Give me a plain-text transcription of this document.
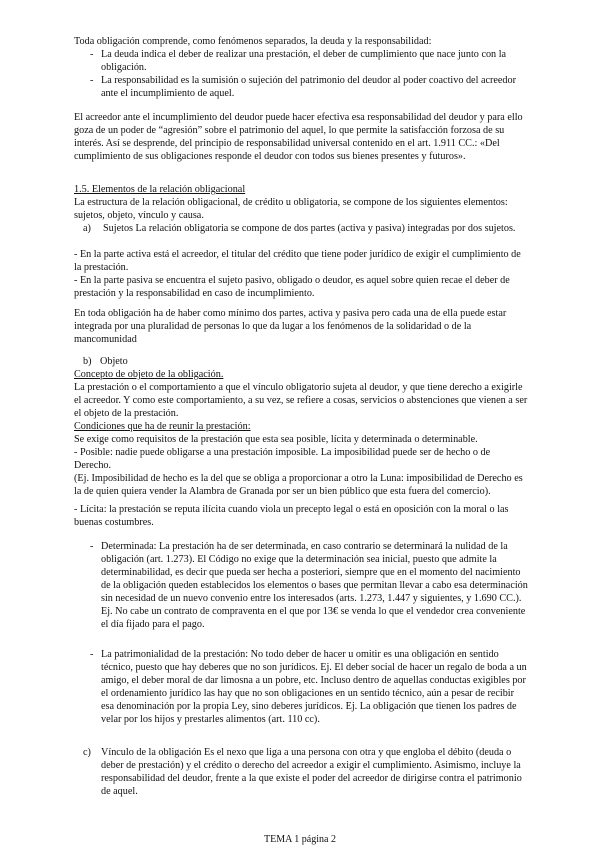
Toda obligación comprende, como fenómenos separados, la deuda y la responsabilidad:

- La deuda indica el deber de realizar una prestación, el deber de cumplimiento que nace junto con la obligación.

- La responsabilidad es la sumisión o sujeción del patrimonio del deudor al poder coactivo del acreedor ante el incumplimiento de aquel.

El acreedor ante el incumplimiento del deudor puede hacer efectiva esa responsabilidad del deudor y para ello goza de un poder de “agresión” sobre el patrimonio del aquel, lo que permite la satisfacción forzosa de su interés. Así se desprende, del principio de responsabilidad universal contenido en el art. 1.911 CC.: «Del cumplimiento de sus obligaciones responde el deudor con todos sus bienes presentes y futuros».

1.5. Elementos de la relación obligacional

La estructura de la relación obligacional, de crédito u obligatoria, se compone de los siguientes elementos: sujetos, objeto, vínculo y causa.

a) Sujetos La relación obligatoria se compone de dos partes (activa y pasiva) integradas por dos sujetos.

- En la parte activa está el acreedor, el titular del crédito que tiene poder jurídico de exigir el cumplimiento de la prestación.

- En la parte pasiva se encuentra el sujeto pasivo, obligado o deudor, es aquel sobre quien recae el deber de prestación y la responsabilidad en caso de incumplimiento.

En toda obligación ha de haber como mínimo dos partes, activa y pasiva pero cada una de ella puede estar integrada por una pluralidad de personas lo que da lugar a los fenómenos de la solidaridad o de la mancomunidad

b) Objeto

Concepto de objeto de la obligación.

La prestación o el comportamiento a que el vínculo obligatorio sujeta al deudor, y que tiene derecho a exigirle el acreedor. Y como este comportamiento, a su vez, se refiere a cosas, servicios o abstenciones que vienen a ser el objeto de la prestación.

Condiciones que ha de reunir la prestación:

Se exige como requisitos de la prestación que esta sea posible, lícita y determinada o determinable.

- Posible: nadie puede obligarse a una prestación imposible. La imposibilidad puede ser de hecho o de Derecho.

(Ej. Imposibilidad de hecho es la del que se obliga a proporcionar a otro la Luna: imposibilidad de Derecho es la de quien quiera vender la Alambra de Granada por ser un bien público que esta fuera del comercio).

- Lícita: la prestación se reputa ilícita cuando viola un precepto legal o está en oposición con la moral o las buenas costumbres.

- Determinada: La prestación ha de ser determinada, en caso contrario se determinará la nulidad de la obligación (art. 1.273). El Código no exige que la determinación sea inicial, puesto que admite la determinabilidad, es decir que pueda ser hecha a posteriori, siempre que en el momento del nacimiento de la obligación queden establecidos los elementos o bases que permitan llevar a cabo esa determinación sin necesidad de un nuevo convenio entre los interesados (arts. 1.273, 1.447 y siguientes, y 1.690 CC.). Ej. No cabe un contrato de compraventa en el que por 13€ se venda lo que el vendedor crea conveniente el día fijado para el pago.

- La patrimonialidad de la prestación: No todo deber de hacer u omitir es una obligación en sentido técnico, puesto que hay deberes que no son jurídicos. Ej. El deber social de hacer un regalo de boda a un amigo, el deber moral de dar limosna a un pobre, etc. Incluso dentro de aquellas conductas exigibles por el ordenamiento jurídico las hay que no son obligaciones en un sentido técnico, aún a pesar de recibir esa denominación por la propia Ley, sino deberes jurídicos. Ej. La obligación que tienen los padres de velar por los hijos y prestarles alimentos (art. 110 cc).

c) Vínculo de la obligación Es el nexo que liga a una persona con otra y que engloba el débito (deuda o deber de prestación) y el crédito o derecho del acreedor a exigir el cumplimiento. Asimismo, incluye la responsabilidad del deudor, frente a la que existe el poder del acreedor de dirigirse contra el patrimonio de aquel.

TEMA 1 página 2
